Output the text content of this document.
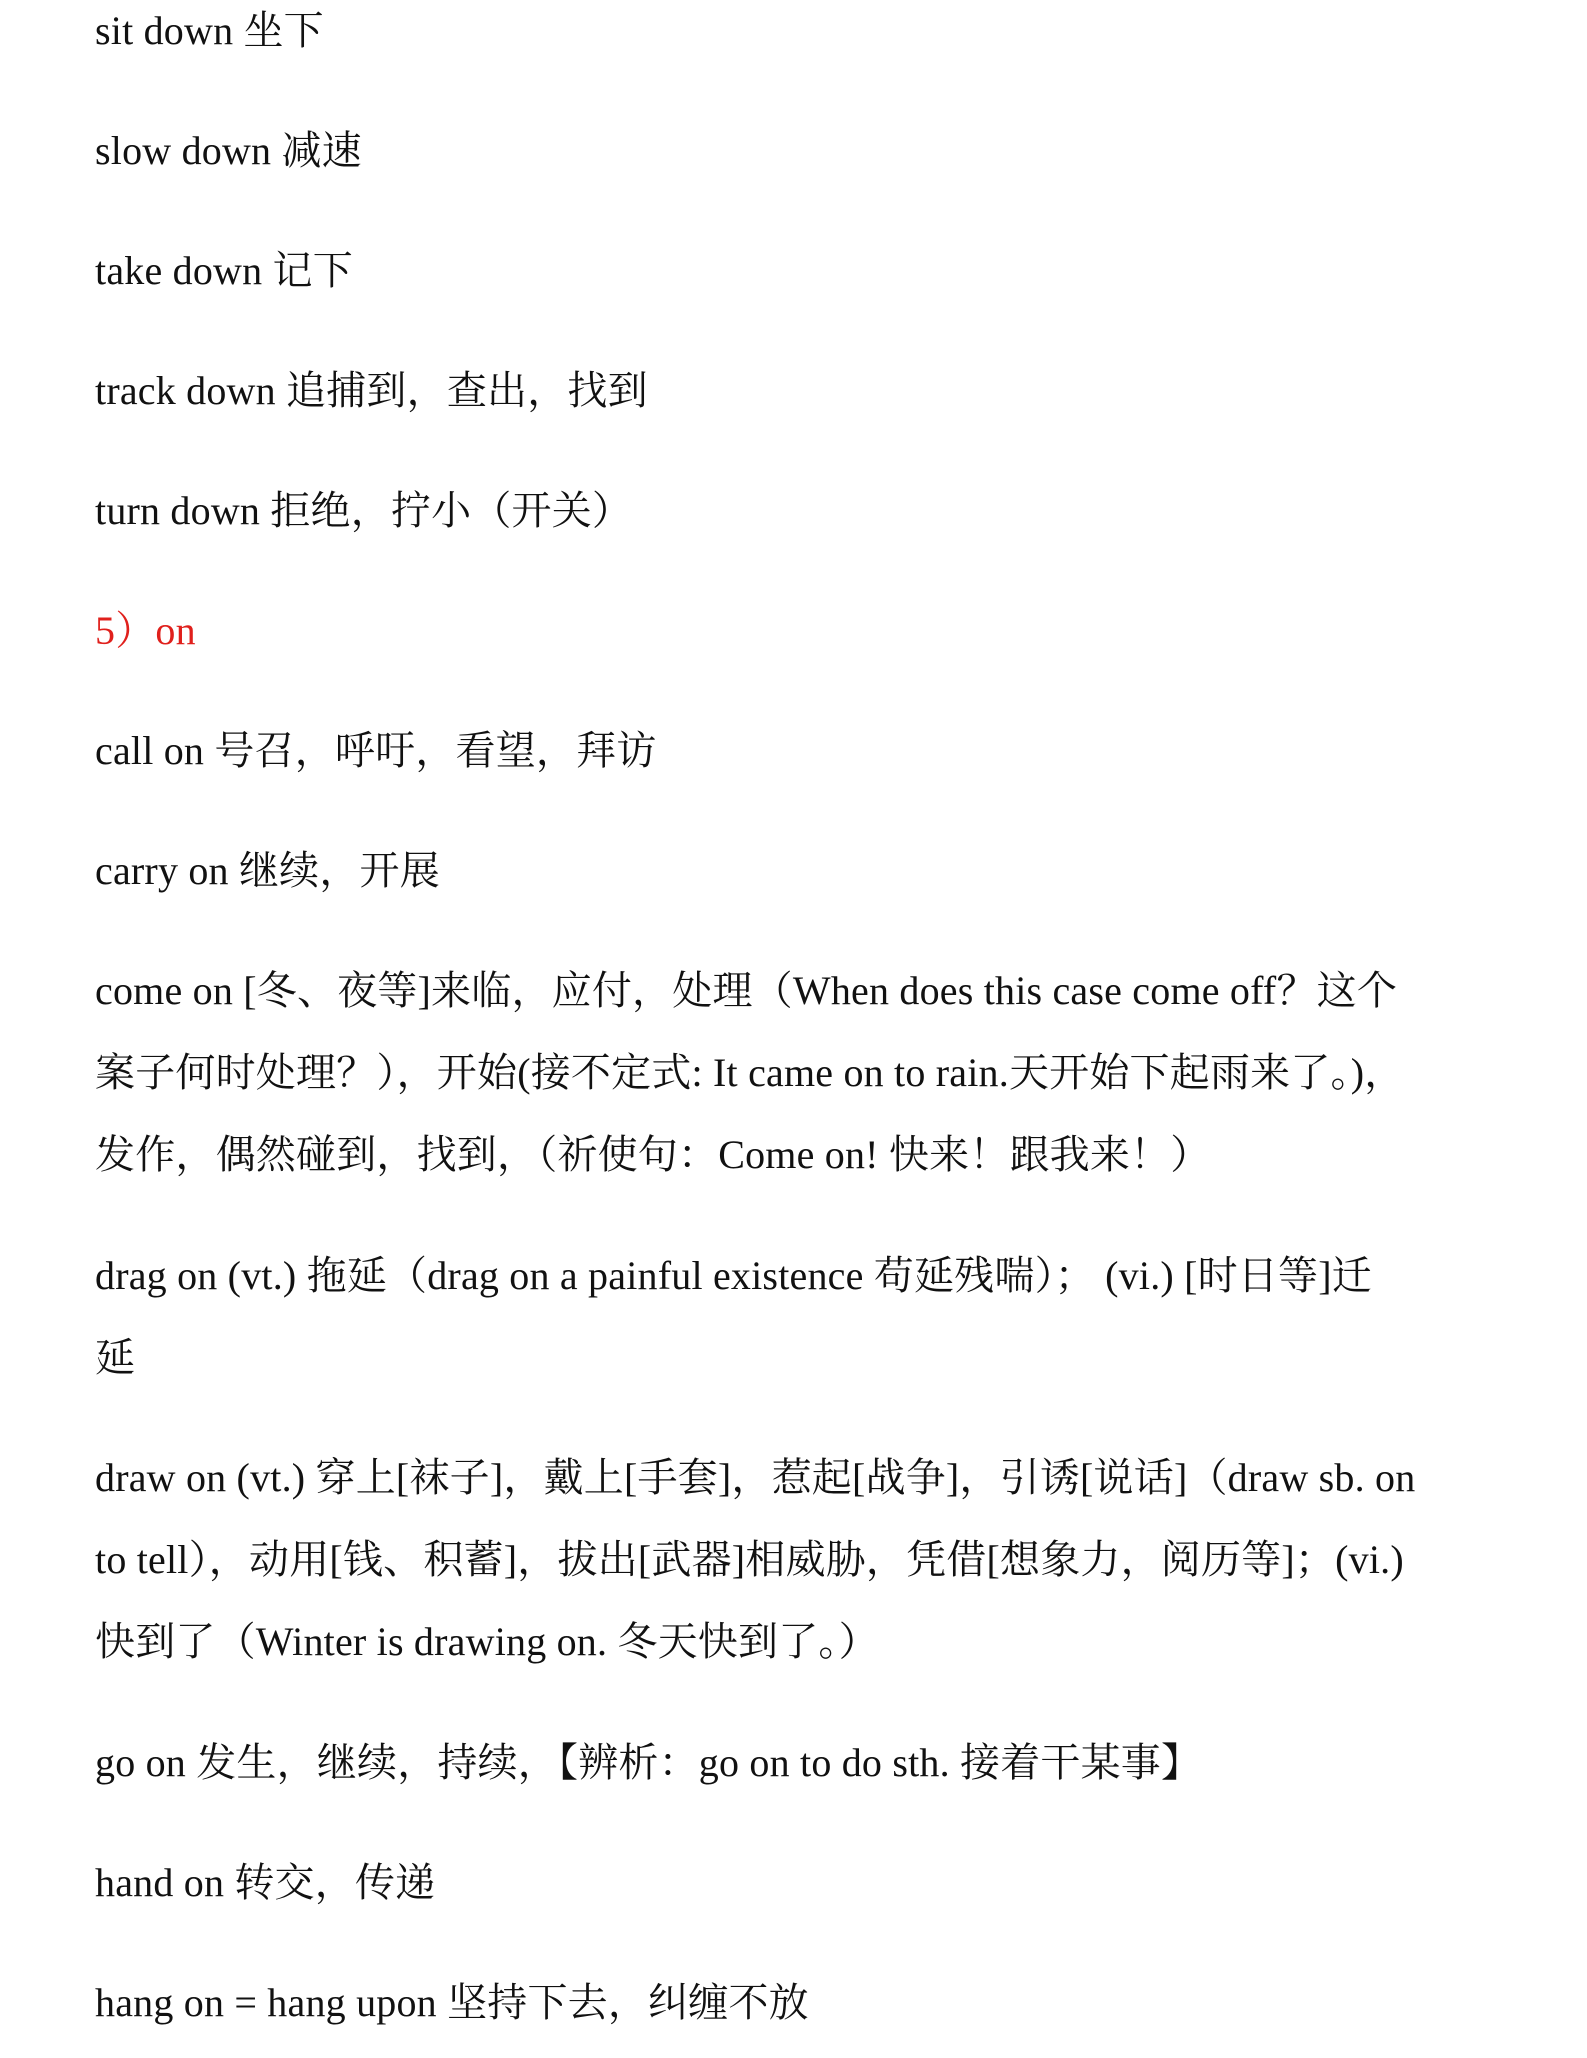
sit down 坐下
slow down 减速
take down 记下
track down 追捕到，查出，找到
turn down 拒绝，拧小（开关）
5）on
call on 号召，呼吁，看望，拜访
carry on 继续，开展
come on [冬、夜等]来临，应付，处理（When does this case come off？这个
案子何时处理？），开始(接不定式: It came on to rain.天开始下起雨来了。)，
发作，偶然碰到，找到，（祈使句：Come on! 快来！跟我来！）
drag on (vt.) 拖延（drag on a painful existence 苟延残喘）； (vi.) [时日等]迁
延
draw on (vt.) 穿上[袜子]，戴上[手套]，惹起[战争]，引诱[说话]（draw sb. on
to tell），动用[钱、积蓄]，拔出[武器]相威胁，凭借[想象力，阅历等]；(vi.)
快到了（Winter is drawing on. 冬天快到了。）
go on 发生，继续，持续，【辨析：go on to do sth. 接着干某事】
hand on 转交，传递
hang on = hang upon 坚持下去，纠缠不放
